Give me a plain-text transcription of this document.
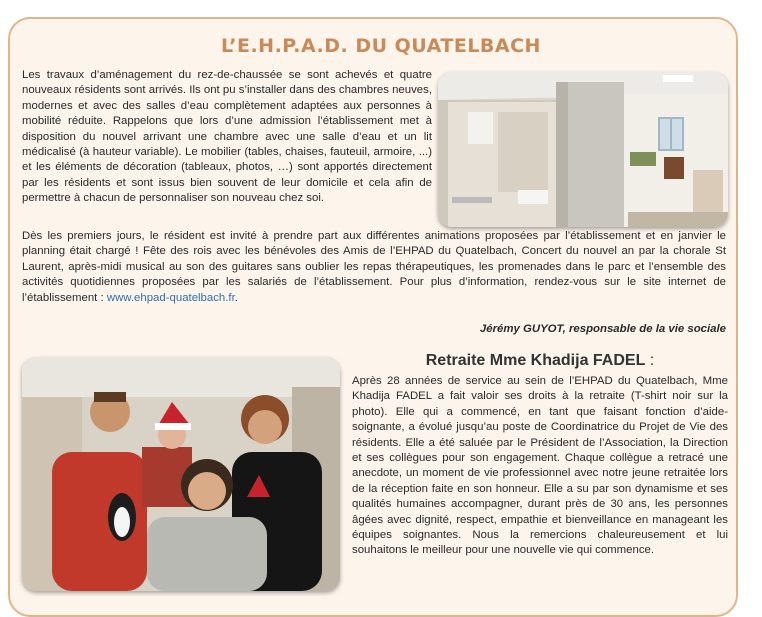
L’E.H.P.A.D. DU QUATELBACH
Les travaux d’aménagement du rez-de-chaussée se sont achevés et quatre nouveaux résidents sont arrivés. Ils ont pu s’installer dans des chambres neuves, modernes et avec des salles d’eau complètement adaptées aux personnes à mobilité réduite. Rappelons que lors d’une admission l’établissement met à disposition du nouvel arrivant une chambre avec une salle d’eau et un lit médicalisé (à hauteur variable). Le mobilier (tables, chaises, fauteuil, armoire, ...) et les éléments de décoration (tableaux, photos, …) sont apportés directement par les résidents et sont issus bien souvent de leur domicile et cela afin de permettre à chacun de personnaliser son nouveau chez soi.
Dès les premiers jours, le résident est invité à prendre part aux différentes animations proposées par l’établissement et en janvier le planning était chargé ! Fête des rois avec les bénévoles des Amis de l’EHPAD du Quatelbach, Concert du nouvel an par la chorale St Laurent, après-midi musical au son des guitares sans oublier les repas thérapeutiques, les promenades dans le parc et l’ensemble des activités quotidiennes proposées par les salariés de l’établissement. Pour plus d’information, rendez-vous sur le site internet de l’établissement : www.ehpad-quatelbach.fr.
Jérémy GUYOT, responsable de la vie sociale
Retraite Mme Khadija FADEL :
Après 28 années de service au sein de l’EHPAD du Quatelbach, Mme Khadija FADEL a fait valoir ses droits à la retraite (T-shirt noir sur la photo). Elle qui a commencé, en tant que faisant fonction d’aide-soignante, a évolué jusqu’au poste de Coordinatrice du Projet de Vie des résidents. Elle a été saluée par le Président de l’Association, la Direction et ses collègues pour son engagement. Chaque collègue a retracé une anecdote, un moment de vie professionnel avec notre jeune retraitée lors de la réception faite en son honneur. Elle a su par son dynamisme et ses qualités humaines accompagner, durant près de 30 ans, les personnes âgées avec dignité, respect, empathie et bienveillance en manageant les équipes soignantes. Nous la remercions chaleureusement et lui souhaitons le meilleur pour une nouvelle vie qui commence.
